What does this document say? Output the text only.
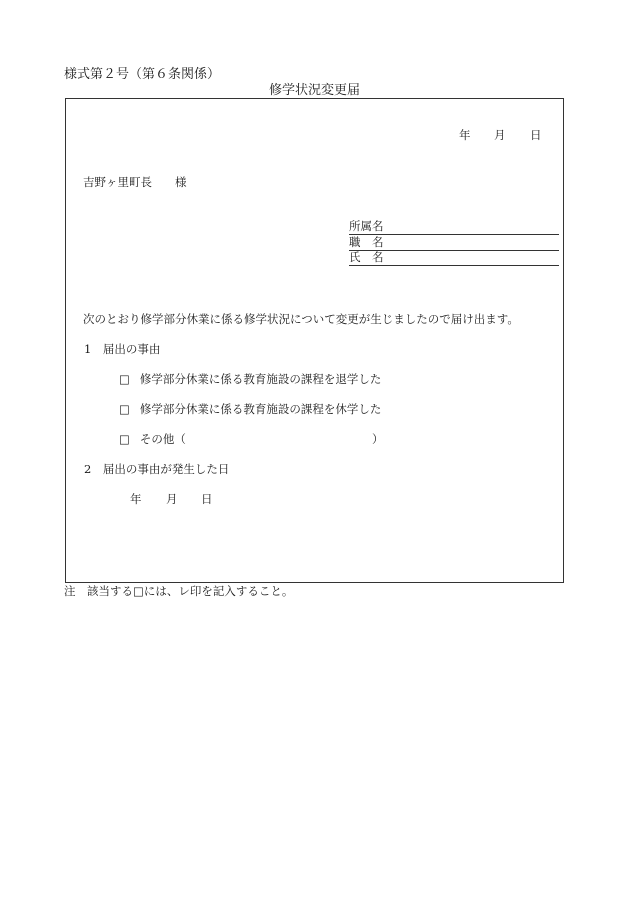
様式第２号（第６条関係）
修学状況変更届
年 月 日
吉野ヶ里町長　　様
所属名
職　名
氏　名
次のとおり修学部分休業に係る修学状況について変更が生じましたので届け出ます。
1　届出の事由
□ 修学部分休業に係る教育施設の課程を退学した
□ 修学部分休業に係る教育施設の課程を休学した
□ その他（	）
2　届出の事由が発生した日
年 月 日
注　該当する□には、レ印を記入すること。
